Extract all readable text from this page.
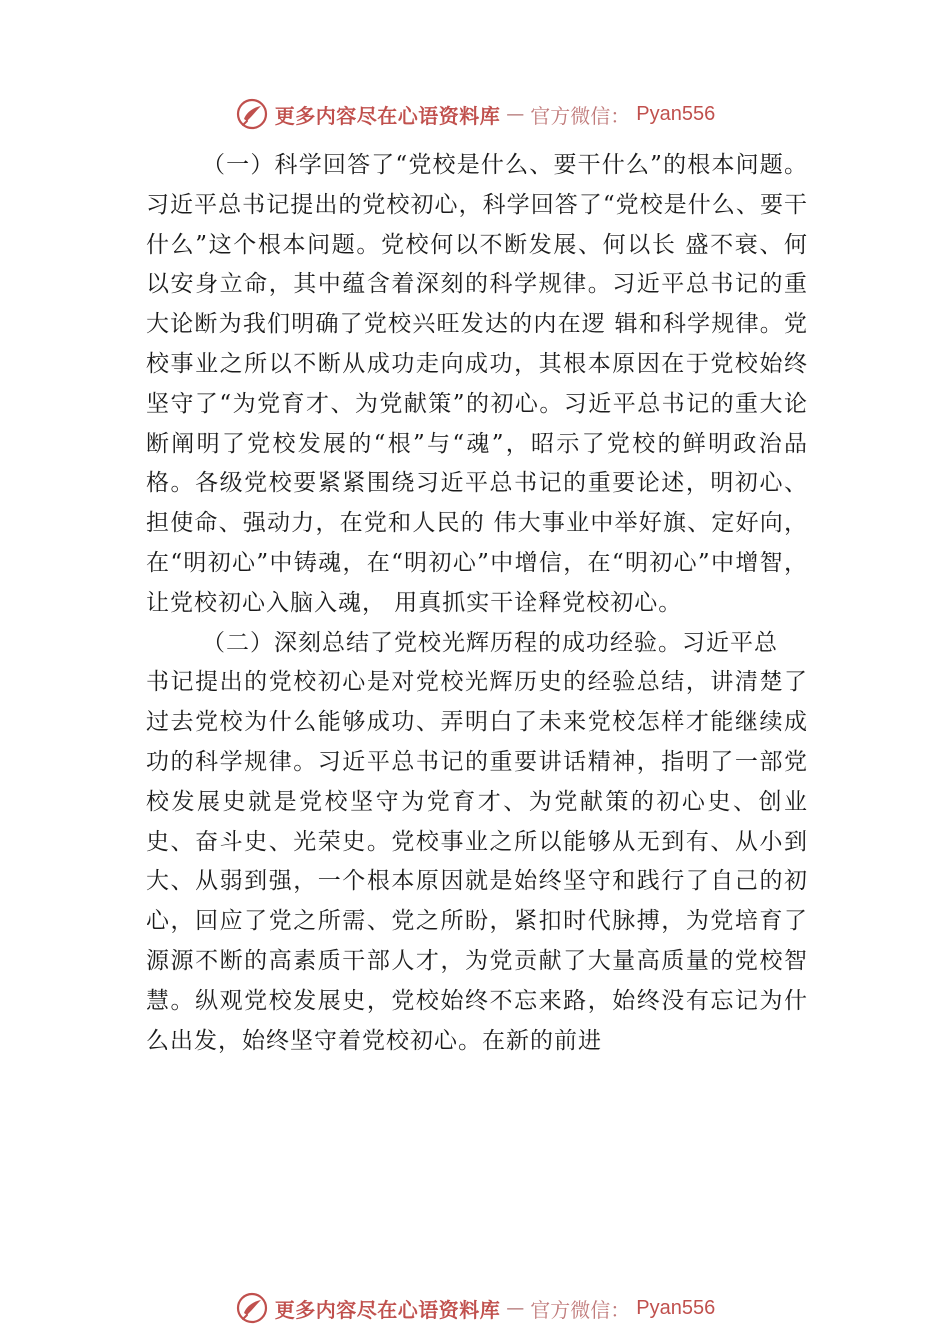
更多内容尽在心语资料库 — 官方微信： Pyan556

（一）科学回答了“党校是什么、要干什么”的根本问题。习近平总书记提出的党校初心，科学回答了“党校是什么、要干什么”这个根本问题。党校何以不断发展、何以长 盛不衰、何以安身立命，其中蕴含着深刻的科学规律。习近平总书记的重大论断为我们明确了党校兴旺发达的内在逻 辑和科学规律。党校事业之所以不断从成功走向成功，其根本原因在于党校始终坚守了“为党育才、为党献策”的初心。习近平总书记的重大论断阐明了党校发展的“根”与“魂”，昭示了党校的鲜明政治品格。各级党校要紧紧围绕习近平总书记的重要论述，明初心、担使命、强动力，在党和人民的 伟大事业中举好旗、定好向，在“明初心”中铸魂，在“明初心”中增信，在“明初心”中增智，让党校初心入脑入魂， 用真抓实干诠释党校初心。

（二）深刻总结了党校光辉历程的成功经验。习近平总

书记提出的党校初心是对党校光辉历史的经验总结，讲清楚了过去党校为什么能够成功、弄明白了未来党校怎样才能继续成功的科学规律。习近平总书记的重要讲话精神，指明了一部党校发展史就是党校坚守为党育才、为党献策的初心史、创业史、奋斗史、光荣史。党校事业之所以能够从无到有、从小到大、从弱到强，一个根本原因就是始终坚守和践行了自己的初心，回应了党之所需、党之所盼，紧扣时代脉搏，为党培育了源源不断的高素质干部人才，为党贡献了大量高质量的党校智慧。纵观党校发展史，党校始终不忘来路，始终没有忘记为什么出发，始终坚守着党校初心。在新的前进

更多内容尽在心语资料库 — 官方微信： Pyan556
